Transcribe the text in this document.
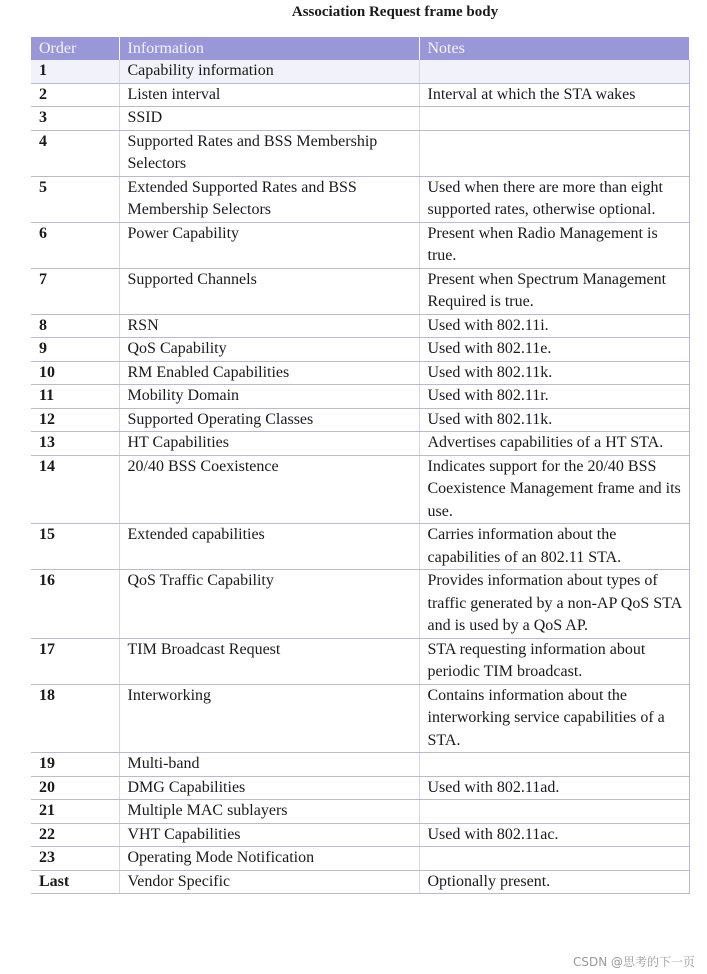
Association Request frame body
Order	Information	Notes
1	Capability information	
2	Listen interval	Interval at which the STA wakes
3	SSID	
4	Supported Rates and BSS Membership Selectors	
5	Extended Supported Rates and BSS Membership Selectors	Used when there are more than eight supported rates, otherwise optional.
6	Power Capability	Present when Radio Management is true.
7	Supported Channels	Present when Spectrum Management Required is true.
8	RSN	Used with 802.11i.
9	QoS Capability	Used with 802.11e.
10	RM Enabled Capabilities	Used with 802.11k.
11	Mobility Domain	Used with 802.11r.
12	Supported Operating Classes	Used with 802.11k.
13	HT Capabilities	Advertises capabilities of a HT STA.
14	20/40 BSS Coexistence	Indicates support for the 20/40 BSS Coexistence Management frame and its use.
15	Extended capabilities	Carries information about the capabilities of an 802.11 STA.
16	QoS Traffic Capability	Provides information about types of traffic generated by a non-AP QoS STA and is used by a QoS AP.
17	TIM Broadcast Request	STA requesting information about periodic TIM broadcast.
18	Interworking	Contains information about the interworking service capabilities of a STA.
19	Multi-band	
20	DMG Capabilities	Used with 802.11ad.
21	Multiple MAC sublayers	
22	VHT Capabilities	Used with 802.11ac.
23	Operating Mode Notification	
Last	Vendor Specific	Optionally present.
CSDN @思考的下一页
